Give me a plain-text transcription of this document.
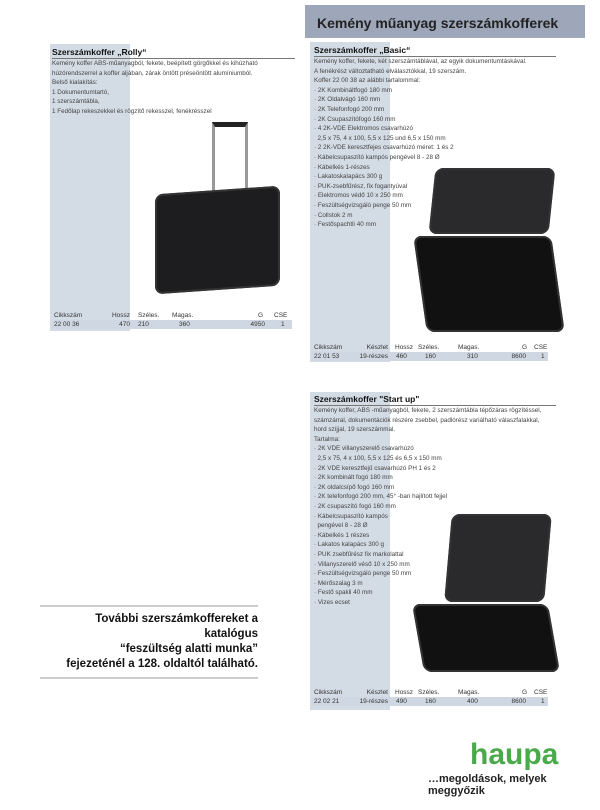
Kemény műanyag szerszámkofferek
Szerszámkoffer „Rolly“
Kemény koffer ABS-műanyagból, fekete, beépített görgőkkel és kihúzható
húzórendszerrel a koffer aljában, zárak öntött préseöntött alumíniumból.
Belső kialakítás:
1 Dokumentumtartó,
1 szerszámtábla,
1 Fedőlap rekeszekkel és rögzítő rekesszel, fenékrésszel
Cikkszám	Hossz Széles. Magas.	G CSE
22 00 36	470 210	360	4950 1
Szerszámkoffer „Basic“
Kemény koffer, fekete, két szerszámtáblával, az egyik dokumentumtáskával.
A fenékrész változtatható elválasztókkal, 19 szerszám.
Koffer 22 00 38 az alábbi tartalommal:
· 2K Kombináltfogó 180 mm
· 2K Oldalvágó 160 mm
· 2K Telefonfogó 200 mm
· 2K Csupaszítófogó 160 mm
· 4 2K-VDE Elektromos csavarhúzó
2,5 x 75, 4 x 100, 5,5 x 125 und 6,5 x 150 mm
· 2 2K-VDE keresztfejes csavarhúzó méret: 1 és 2
· Kábelcsupaszító kampós pengével 8 - 28 Ø
· Kábelkés 1-részes
· Lakatoskalapács 300 g
· PUK-zsebfűrész, fix fogantyúval
· Elektromos védő 10 x 250 mm
· Feszültségvizsgáló penge 50 mm
· Collstok 2 m
· Festőspachtli 40 mm
Cikkszám	Készlet Hossz Széles.	Magas.	G CSE
22 01 53	19-részes 460	160	310	8600 1
Szerszámkoffer "Start up"
Kemény koffer, ABS -műanyagból, fekete, 2 szerszámtábla tépőzáras rögzítéssel,
számzárral, dokumentációk részére zsebbel, padlórész variálható válaszfalakkal,
hord szíjjal, 19 szerszámmal.
Tartalma:
· 2K VDE villanyszerelő csavarhúzó
2,5 x 75, 4 x 100, 5,5 x 125 és 6,5 x 150 mm
· 2K VDE keresztfejű csavarhúzó PH 1 és 2
· 2K kombinált fogó 180 mm
· 2K oldalcsípő fogó 160 mm
· 2K telefonfogó 200 mm, 45° -ban hajlított fejjel
· 2K csupaszító fogó 160 mm
· Kábelcsupaszító kampós
pengével 8 - 28 Ø
· Kábelkés 1 részes
· Lakatos kalapács 300 g
· PUK zsebfűrész fix markolattal
· Villanyszerelő véső 10 x 250 mm
· Feszültségvizsgáló penge 50 mm
· Mérőszalag 3 m
· Festő spakli 40 mm
· Vizes ecset
Cikkszám	Készlet Hossz Széles.	Magas.	G CSE
22 02 21	19-részes 490	160	400	8600 1
További szerszámkoffereket a katalógus
“feszültség alatti munka”
fejezeténél a 128. oldaltól található.
haupa
…megoldások, melyek meggyőzik
